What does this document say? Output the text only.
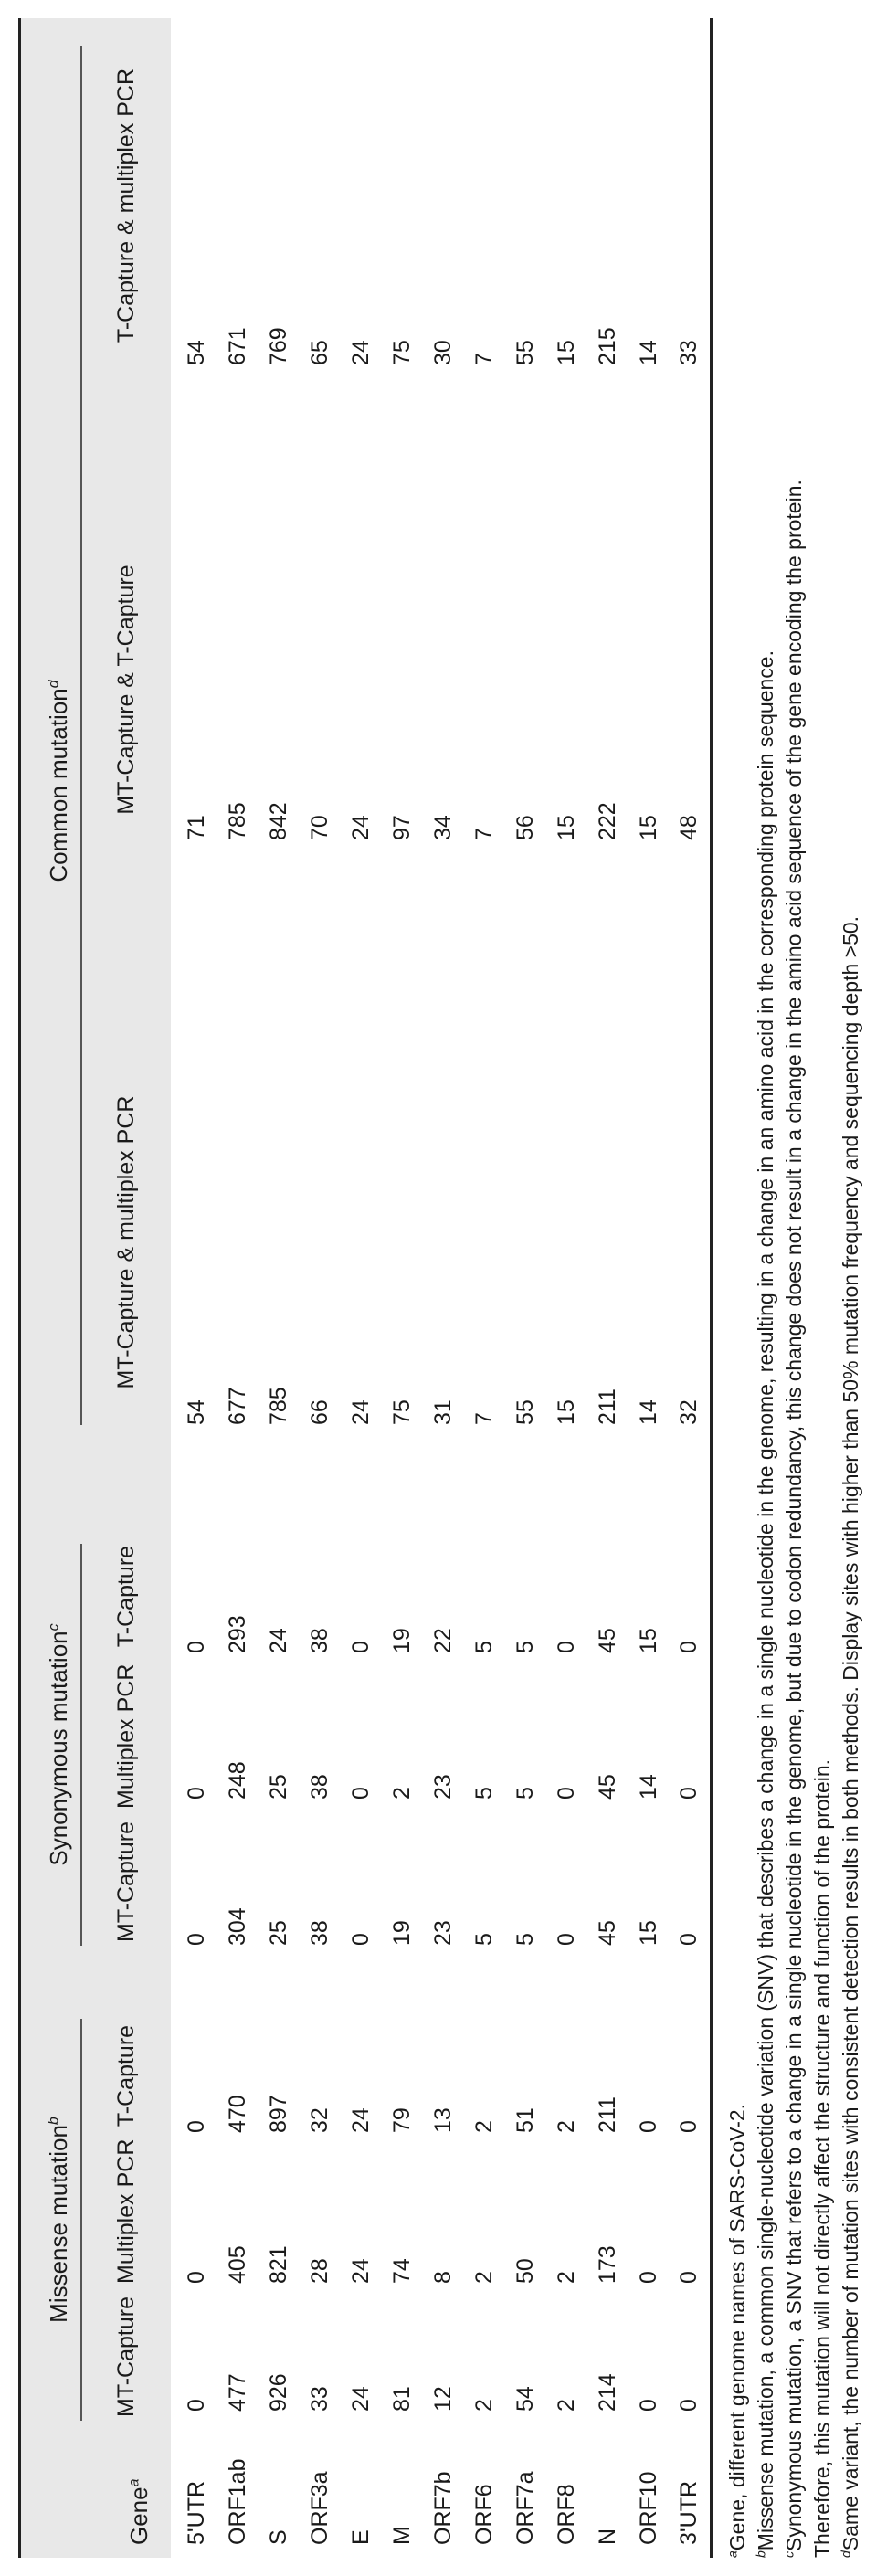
Gene$^a$
Missense mutation$^b$
Synonymous mutation$^c$
Common mutation$^d$
MT-Capture
Multiplex PCR
T-Capture
MT-Capture
Multiplex PCR
T-Capture
MT-Capture & multiplex PCR
MT-Capture & T-Capture
T-Capture & multiplex PCR
5'UTR
0
0
0
0
0
0
54
71
54
ORF1ab
477
405
470
304
248
293
677
785
671
S
926
821
897
25
25
24
785
842
769
ORF3a
33
28
32
38
38
38
66
70
65
E
24
24
24
0
0
0
24
24
24
M
81
74
79
19
2
19
75
97
75
ORF7b
12
8
13
23
23
22
31
34
30
ORF6
2
2
2
5
5
5
7
7
7
ORF7a
54
50
51
5
5
5
55
56
55
ORF8
2
2
2
0
0
0
15
15
15
N
214
173
211
45
45
45
211
222
215
ORF10
0
0
0
15
14
15
14
15
14
3'UTR
0
0
0
0
0
0
32
48
33
$^a$Gene, different genome names of SARS-CoV-2.
$^b$Missense mutation, a common single-nucleotide variation (SNV) that describes a change in a single nucleotide in the genome, resulting in a change in an amino acid in the corresponding protein sequence.
$^c$Synonymous mutation, a SNV that refers to a change in a single nucleotide in the genome, but due to codon redundancy, this change does not result in a change in the amino acid sequence of the gene encoding the protein. Therefore, this mutation will not directly affect the structure and function of the protein. $^d$Same variant, the number of mutation sites with consistent detection results in both methods. Display sites with higher than 50% mutation frequency and sequencing depth >50.
